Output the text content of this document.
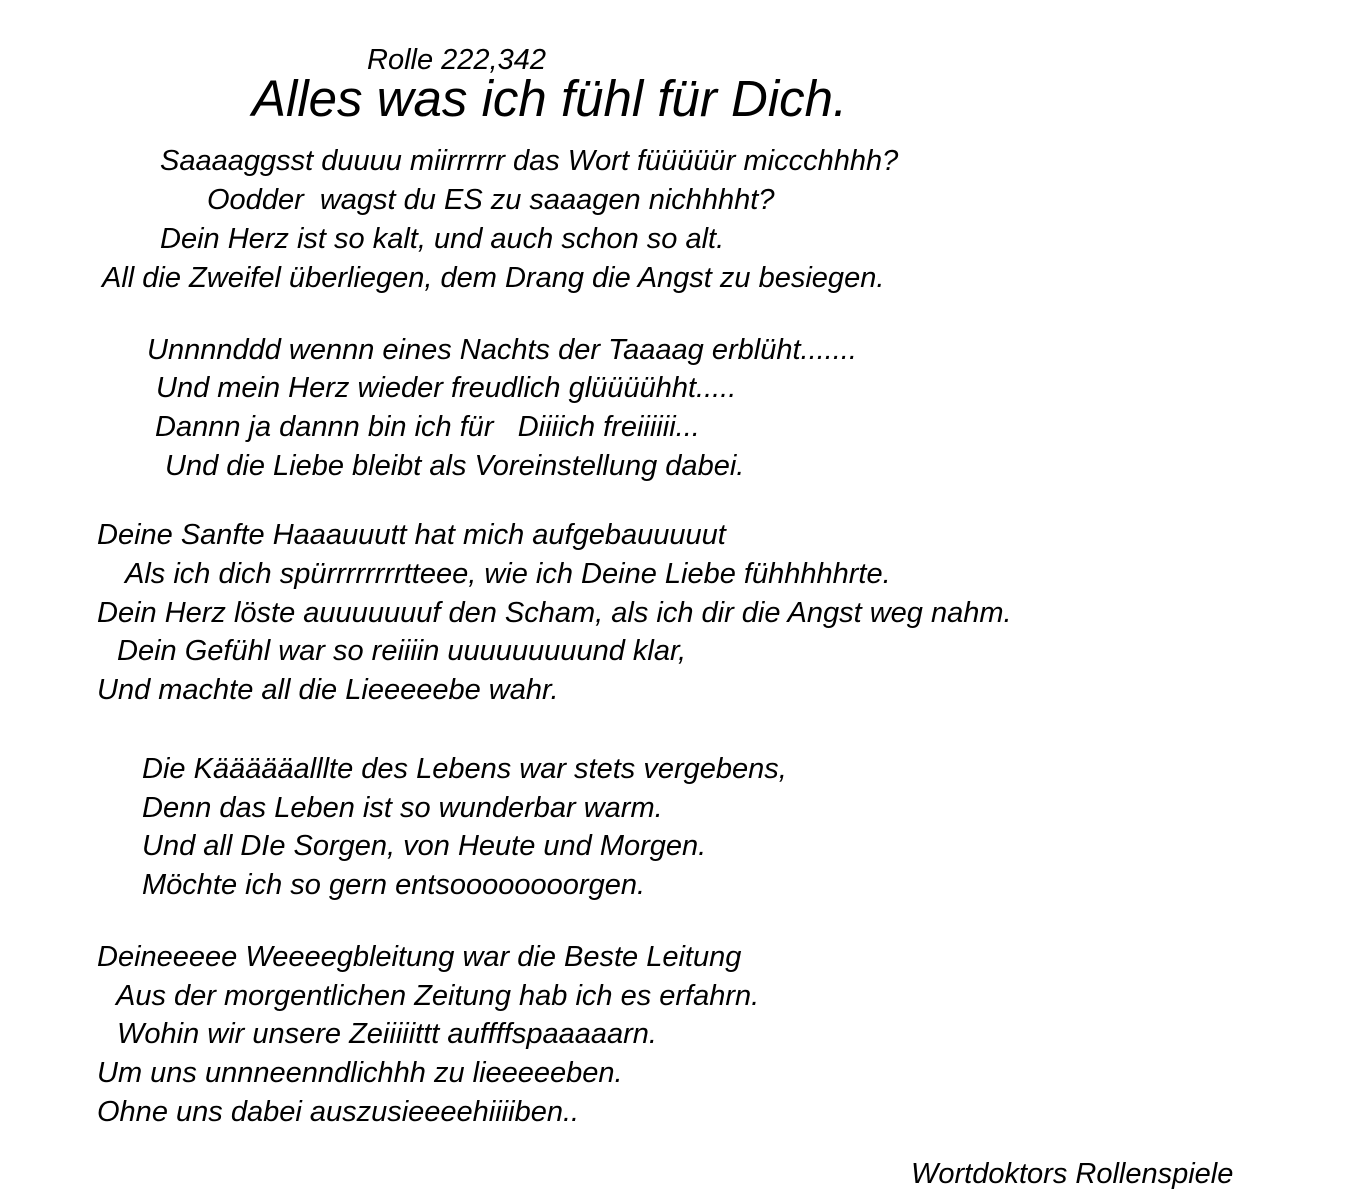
Rolle 222,342
Alles was ich fühl für Dich.
Saaaaggsst duuuu miirrrrrr das Wort füüüüür miccchhhh?
Oodder  wagst du ES zu saaagen nichhhht?
Dein Herz ist so kalt, und auch schon so alt.
All die Zweifel überliegen, dem Drang die Angst zu besiegen.
Unnnnddd wennn eines Nachts der Taaaag erblüht.......
Und mein Herz wieder freudlich glüüüühht.....
Dannn ja dannn bin ich für   Diiiich freiiiiii...
Und die Liebe bleibt als Voreinstellung dabei.
Deine Sanfte Haaauuutt hat mich aufgebauuuuut
Als ich dich spürrrrrrrrtteee, wie ich Deine Liebe fühhhhhrte.
Dein Herz löste auuuuuuuf den Scham, als ich dir die Angst weg nahm.
Dein Gefühl war so reiiiin uuuuuuuuund klar,
Und machte all die Lieeeeebe wahr.
Die Käääääalllte des Lebens war stets vergebens,
Denn das Leben ist so wunderbar warm.
Und all DIe Sorgen, von Heute und Morgen.
Möchte ich so gern entsoooooooorgen.
Deineeeee Weeeegbleitung war die Beste Leitung
Aus der morgentlichen Zeitung hab ich es erfahrn.
Wohin wir unsere Zeiiiiittt auffffspaaaaarn.
Um uns unnneenndlichhh zu lieeeeeben.
Ohne uns dabei auszusieeeehiiiiben..
Wortdoktors Rollenspiele
